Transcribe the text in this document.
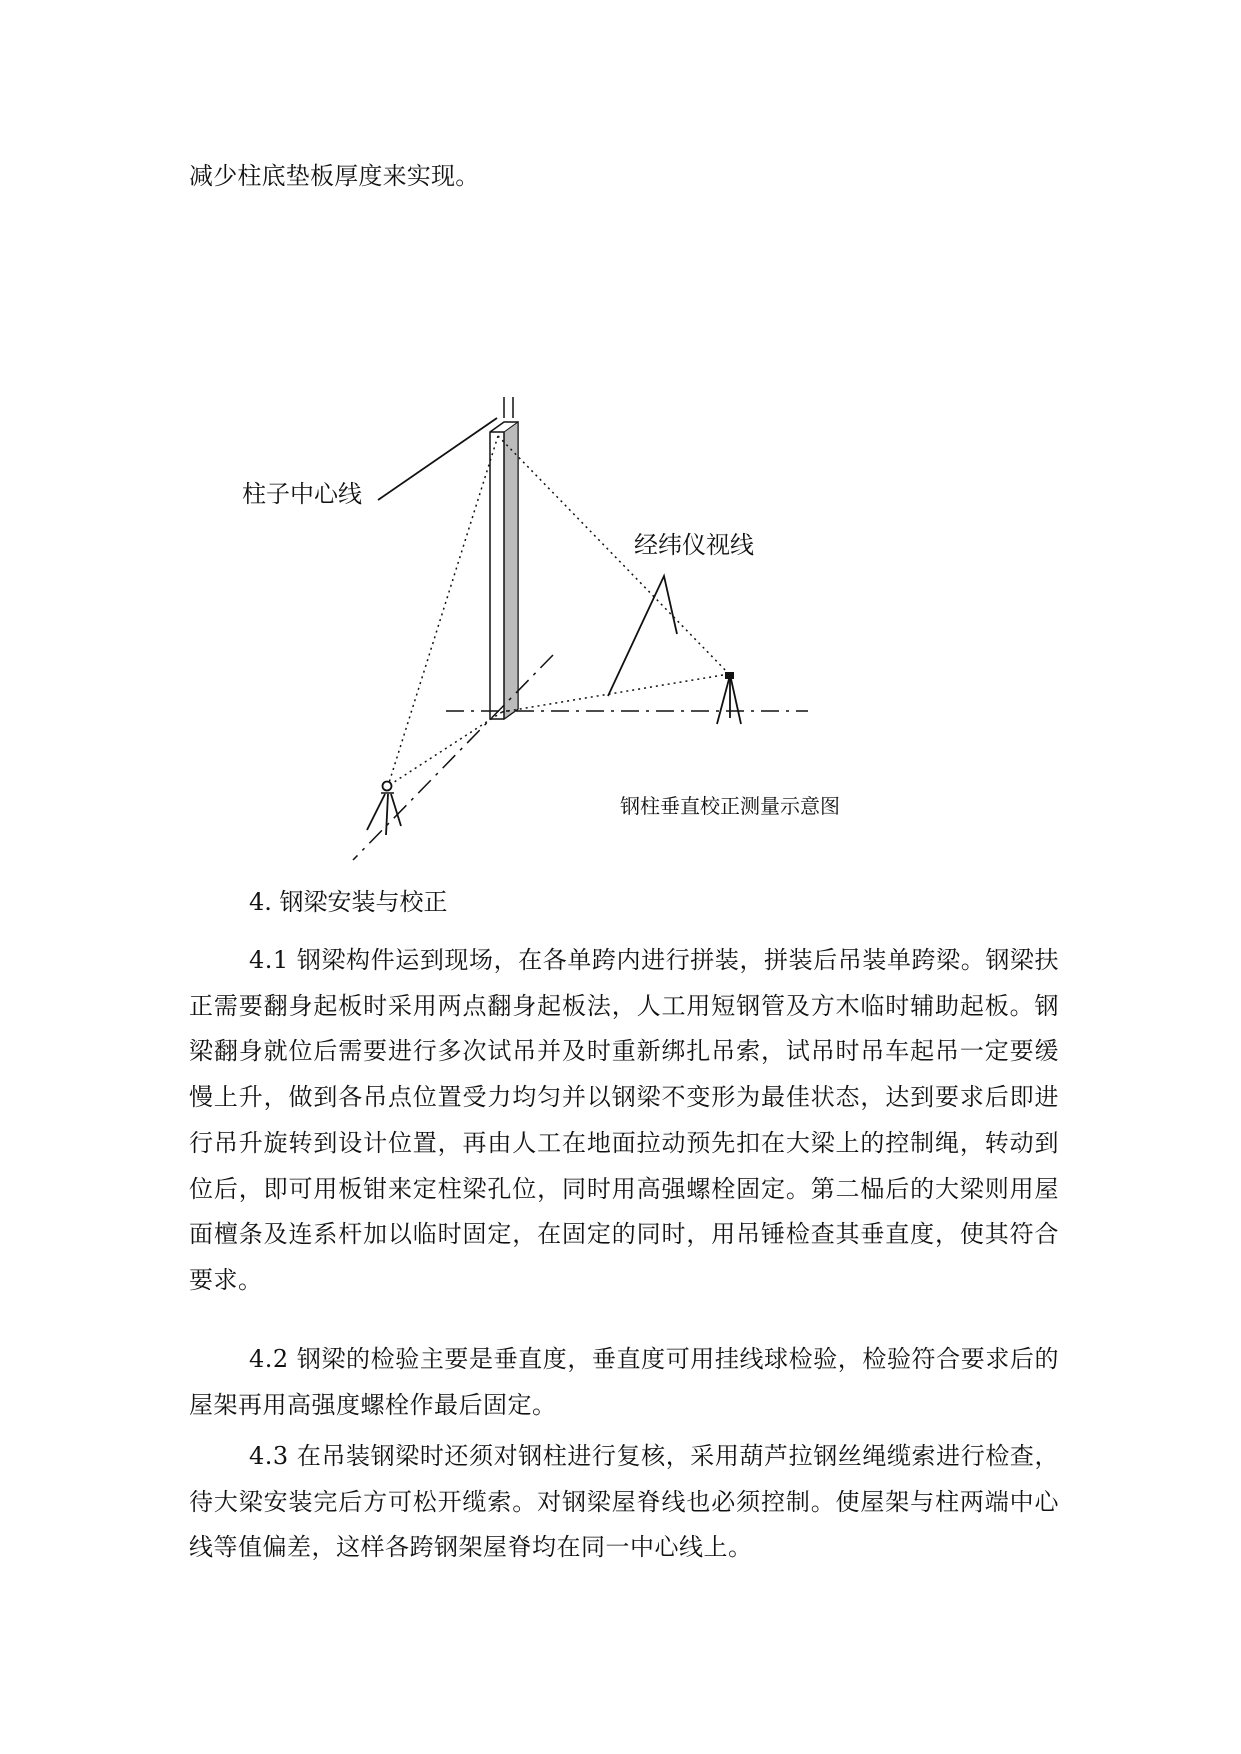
减少柱底垫板厚度来实现。
柱子中心线
经纬仪视线
钢柱垂直校正测量示意图
4. 钢梁安装与校正

4.1 钢梁构件运到现场，在各单跨内进行拼装，拼装后吊装单跨梁。钢梁扶正需要翻身起板时采用两点翻身起板法，人工用短钢管及方木临时辅助起板。钢梁翻身就位后需要进行多次试吊并及时重新绑扎吊索，试吊时吊车起吊一定要缓慢上升，做到各吊点位置受力均匀并以钢梁不变形为最佳状态，达到要求后即进行吊升旋转到设计位置，再由人工在地面拉动预先扣在大梁上的控制绳，转动到位后，即可用板钳来定柱梁孔位，同时用高强螺栓固定。第二榀后的大梁则用屋面檀条及连系杆加以临时固定，在固定的同时，用吊锤检查其垂直度，使其符合要求。

4.2 钢梁的检验主要是垂直度，垂直度可用挂线球检验，检验符合要求后的屋架再用高强度螺栓作最后固定。

4.3 在吊装钢梁时还须对钢柱进行复核，采用葫芦拉钢丝绳缆索进行检查，待大梁安装完后方可松开缆索。对钢梁屋脊线也必须控制。使屋架与柱两端中心线等值偏差，这样各跨钢架屋脊均在同一中心线上。
